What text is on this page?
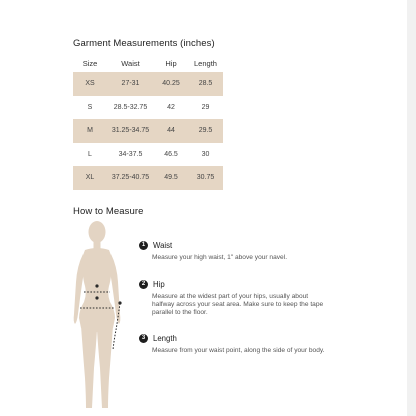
Garment Measurements (inches)
Size	Waist	Hip	Length
XS	27-31	40.25	28.5
S	28.5-32.75	42	29
M	31.25-34.75	44	29.5
L	34-37.5	46.5	30
XL	37.25-40.75	49.5	30.75
How to Measure
1	Waist
Measure your high waist, 1" above your navel.
2	Hip
Measure at the widest part of your hips, usually about halfway across your seat area. Make sure to keep the tape parallel to the floor.
3	Length
Measure from your waist point, along the side of your body.
